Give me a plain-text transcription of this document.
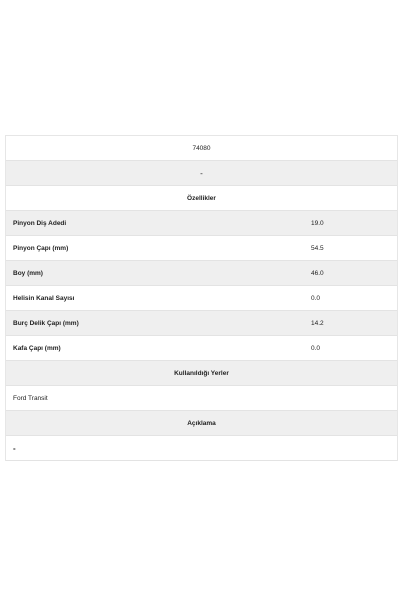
74080
-
Özellikler
Pinyon Diş Adedi	19.0
Pinyon Çapı (mm)	54.5
Boy (mm)	46.0
Helisin Kanal Sayısı	0.0
Burç Delik Çapı (mm)	14.2
Kafa Çapı (mm)	0.0
Kullanıldığı Yerler
Ford Transit
Açıklama
-
